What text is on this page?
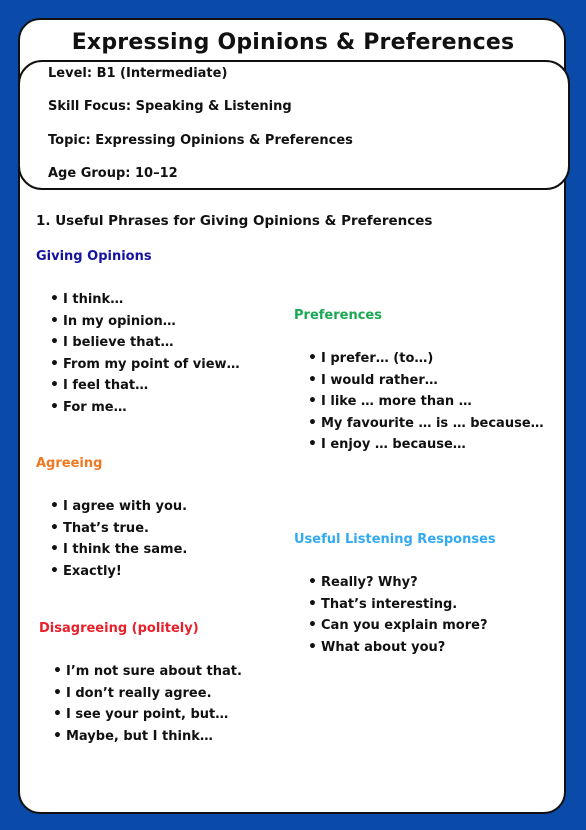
Expressing Opinions & Preferences
Level: B1 (Intermediate)
Skill Focus: Speaking & Listening
Topic: Expressing Opinions & Preferences
Age Group: 10–12
1. Useful Phrases for Giving Opinions & Preferences
Giving Opinions
• I think…
• In my opinion…
• I believe that…
• From my point of view…
• I feel that…
• For me…
Preferences
• I prefer… (to…)
• I would rather…
• I like … more than …
• My favourite … is … because…
• I enjoy … because…
Agreeing
• I agree with you.
• That’s true.
• I think the same.
• Exactly!
Useful Listening Responses
• Really? Why?
• That’s interesting.
• Can you explain more?
• What about you?
Disagreeing (politely)
• I’m not sure about that.
• I don’t really agree.
• I see your point, but…
• Maybe, but I think…
